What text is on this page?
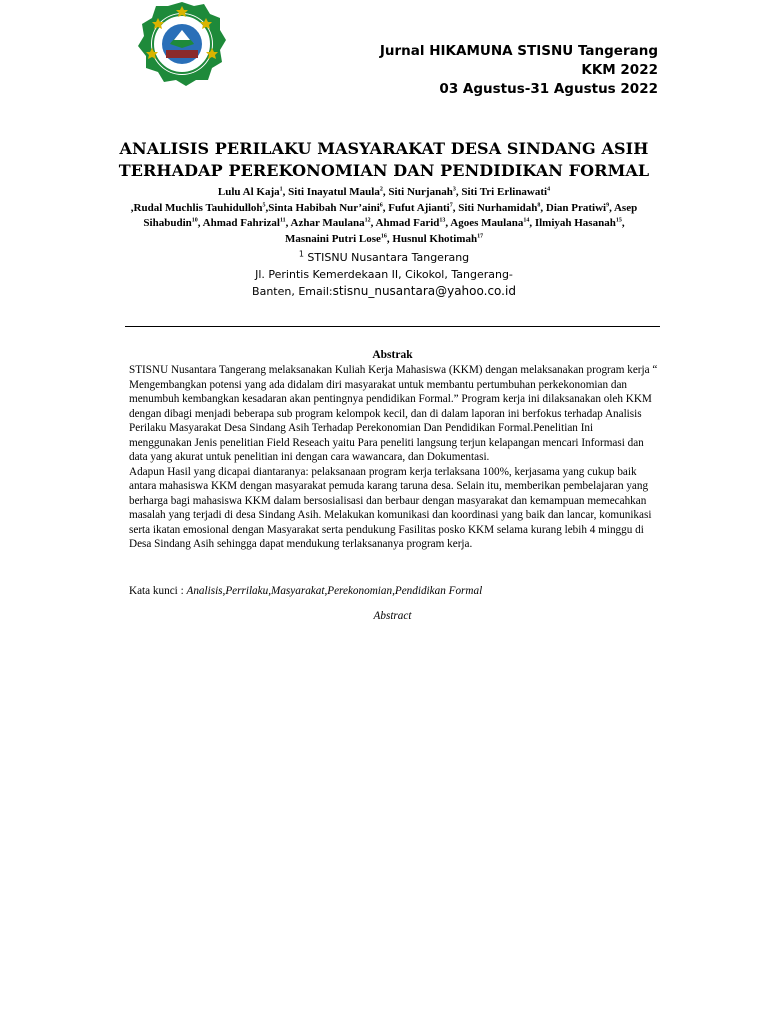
Jurnal HIKAMUNA STISNU Tangerang
KKM 2022
03 Agustus-31 Agustus 2022
ANALISIS PERILAKU MASYARAKAT DESA SINDANG ASIH
TERHADAP PEREKONOMIAN DAN PENDIDIKAN FORMAL
Lulu Al Kaja$^1$, Siti Inayatul Maula$^2$, Siti Nurjanah$^3$, Siti Tri Erlinawati$^4$
,Rudal Muchlis Tauhidulloh$^5$,Sinta Habibah Nur’aini$^6$, Fufut Ajianti$^7$, Siti Nurhamidah$^8$, Dian Pratiwi$^9$, Asep Sihabudin$^{10}$, Ahmad Fahrizal$^{11}$, Azhar Maulana$^{12}$, Ahmad Farid$^{13}$, Agoes Maulana$^{14}$, Ilmiyah Hasanah$^{15}$, Masnaini Putri Lose$^{16}$, Husnul Khotimah$^{17}$
$^1$ STISNU Nusantara Tangerang
Jl. Perintis Kemerdekaan II, Cikokol, Tangerang-
Banten, Email:stisnu_nusantara@yahoo.co.id
Abstrak

STISNU Nusantara Tangerang melaksanakan Kuliah Kerja Mahasiswa (KKM) dengan melaksanakan program kerja “ Mengembangkan potensi yang ada didalam diri masyarakat untuk membantu pertumbuhan perkekonomian dan menumbuh kembangkan kesadaran akan pentingnya pendidikan Formal.” Program kerja ini dilaksanakan oleh KKM dengan dibagi menjadi beberapa sub program kelompok kecil, dan di dalam laporan ini berfokus terhadap Analisis Perilaku Masyarakat Desa Sindang Asih Terhadap Perekonomian Dan Pendidikan Formal.Penelitian Ini menggunakan Jenis penelitian Field Reseach yaitu Para peneliti langsung terjun kelapangan mencari Informasi dan data yang akurat untuk penelitian ini dengan cara wawancara, dan Dokumentasi.

Adapun Hasil yang dicapai diantaranya: pelaksanaan program kerja terlaksana 100%, kerjasama yang cukup baik antara mahasiswa KKM dengan masyarakat pemuda karang taruna desa. Selain itu, memberikan pembelajaran yang berharga bagi mahasiswa KKM dalam bersosialisasi dan berbaur dengan masyarakat dan kemampuan memecahkan masalah yang terjadi di desa Sindang Asih. Melakukan komunikasi dan koordinasi yang baik dan lancar, komunikasi serta ikatan emosional dengan Masyarakat serta pendukung Fasilitas posko KKM selama kurang lebih 4 minggu di Desa Sindang Asih sehingga dapat mendukung terlaksananya program kerja.

Kata kunci : Analisis,Perrilaku,Masyarakat,Perekonomian,Pendidikan Formal
Abstract
